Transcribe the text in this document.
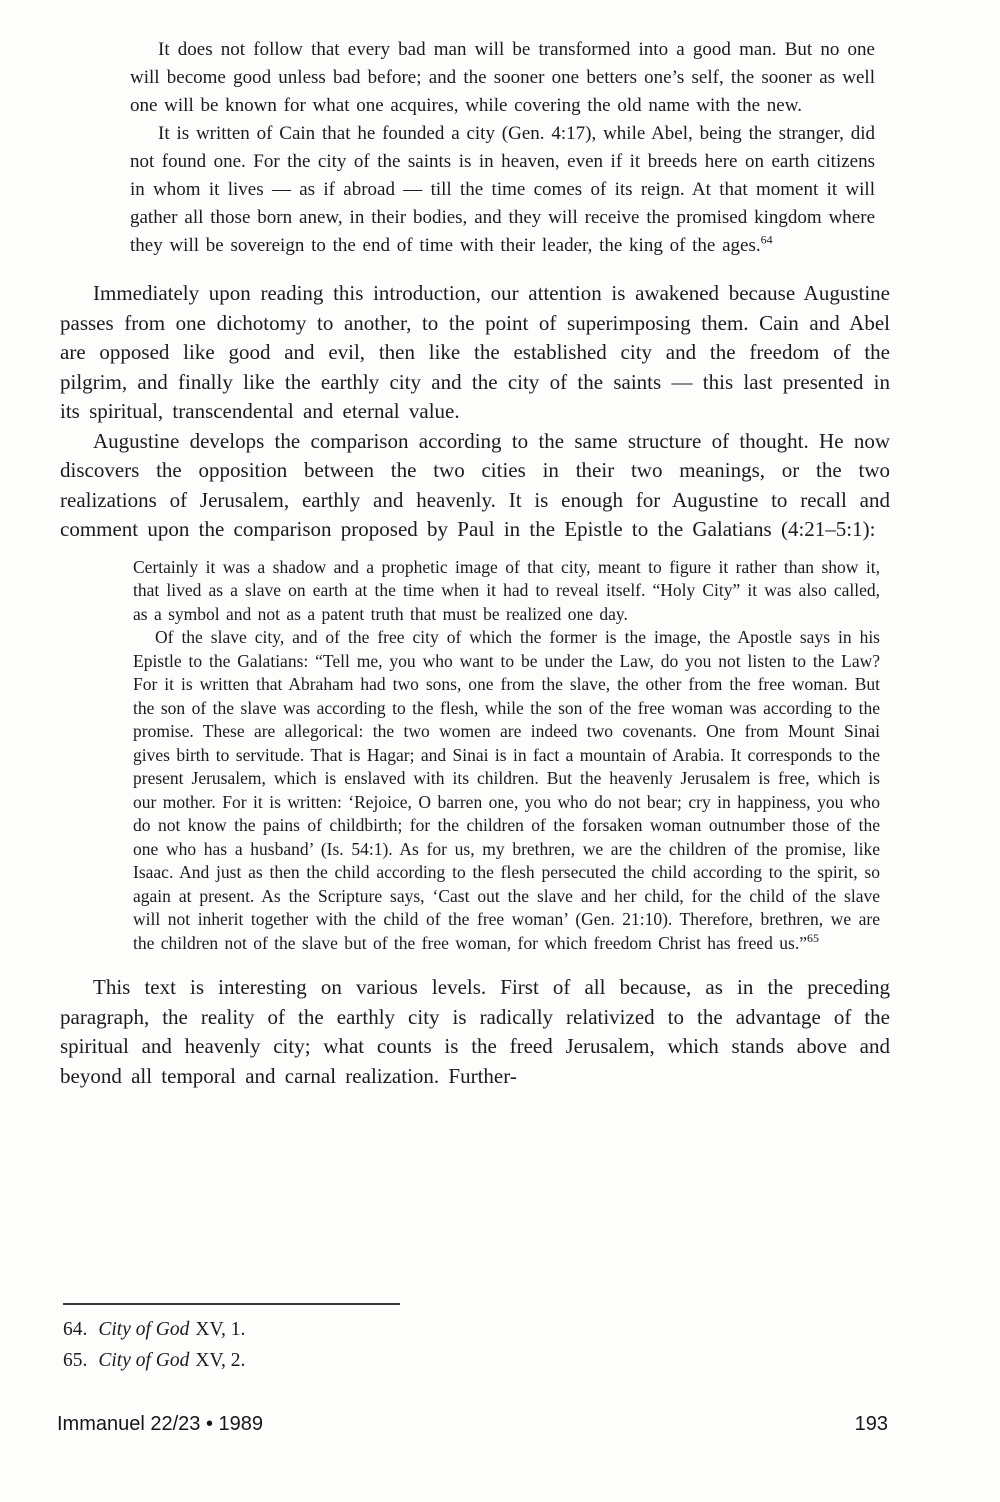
It does not follow that every bad man will be transformed into a good man. But no one will become good unless bad before; and the sooner one betters one’s self, the sooner as well one will be known for what one acquires, while covering the old name with the new.

It is written of Cain that he founded a city (Gen. 4:17), while Abel, being the stranger, did not found one. For the city of the saints is in heaven, even if it breeds here on earth citizens in whom it lives — as if abroad — till the time comes of its reign. At that moment it will gather all those born anew, in their bodies, and they will receive the promised kingdom where they will be sovereign to the end of time with their leader, the king of the ages.$^{64}$

Immediately upon reading this introduction, our attention is awakened because Augustine passes from one dichotomy to another, to the point of superimposing them. Cain and Abel are opposed like good and evil, then like the established city and the freedom of the pilgrim, and finally like the earthly city and the city of the saints — this last presented in its spiritual, transcendental and eternal value.

Augustine develops the comparison according to the same structure of thought. He now discovers the opposition between the two cities in their two meanings, or the two realizations of Jerusalem, earthly and heavenly. It is enough for Augustine to recall and comment upon the comparison proposed by Paul in the Epistle to the Galatians (4:21–5:1):

Certainly it was a shadow and a prophetic image of that city, meant to figure it rather than show it, that lived as a slave on earth at the time when it had to reveal itself. “Holy City” it was also called, as a symbol and not as a patent truth that must be realized one day.

Of the slave city, and of the free city of which the former is the image, the Apostle says in his Epistle to the Galatians: “Tell me, you who want to be under the Law, do you not listen to the Law? For it is written that Abraham had two sons, one from the slave, the other from the free woman. But the son of the slave was according to the flesh, while the son of the free woman was according to the promise. These are allegorical: the two women are indeed two covenants. One from Mount Sinai gives birth to servitude. That is Hagar; and Sinai is in fact a mountain of Arabia. It corresponds to the present Jerusalem, which is enslaved with its children. But the heavenly Jerusalem is free, which is our mother. For it is written: ‘Rejoice, O barren one, you who do not bear; cry in happiness, you who do not know the pains of childbirth; for the children of the forsaken woman outnumber those of the one who has a husband’ (Is. 54:1). As for us, my brethren, we are the children of the promise, like Isaac. And just as then the child according to the flesh persecuted the child according to the spirit, so again at present. As the Scripture says, ‘Cast out the slave and her child, for the child of the slave will not inherit together with the child of the free woman’ (Gen. 21:10). Therefore, brethren, we are the children not of the slave but of the free woman, for which freedom Christ has freed us.”$^{65}$

This text is interesting on various levels. First of all because, as in the preceding paragraph, the reality of the earthly city is radically relativized to the advantage of the spiritual and heavenly city; what counts is the freed Jerusalem, which stands above and beyond all temporal and carnal realization. Further-

64. City of God XV, 1.
65. City of God XV, 2.
Immanuel 22/23 • 1989	193
